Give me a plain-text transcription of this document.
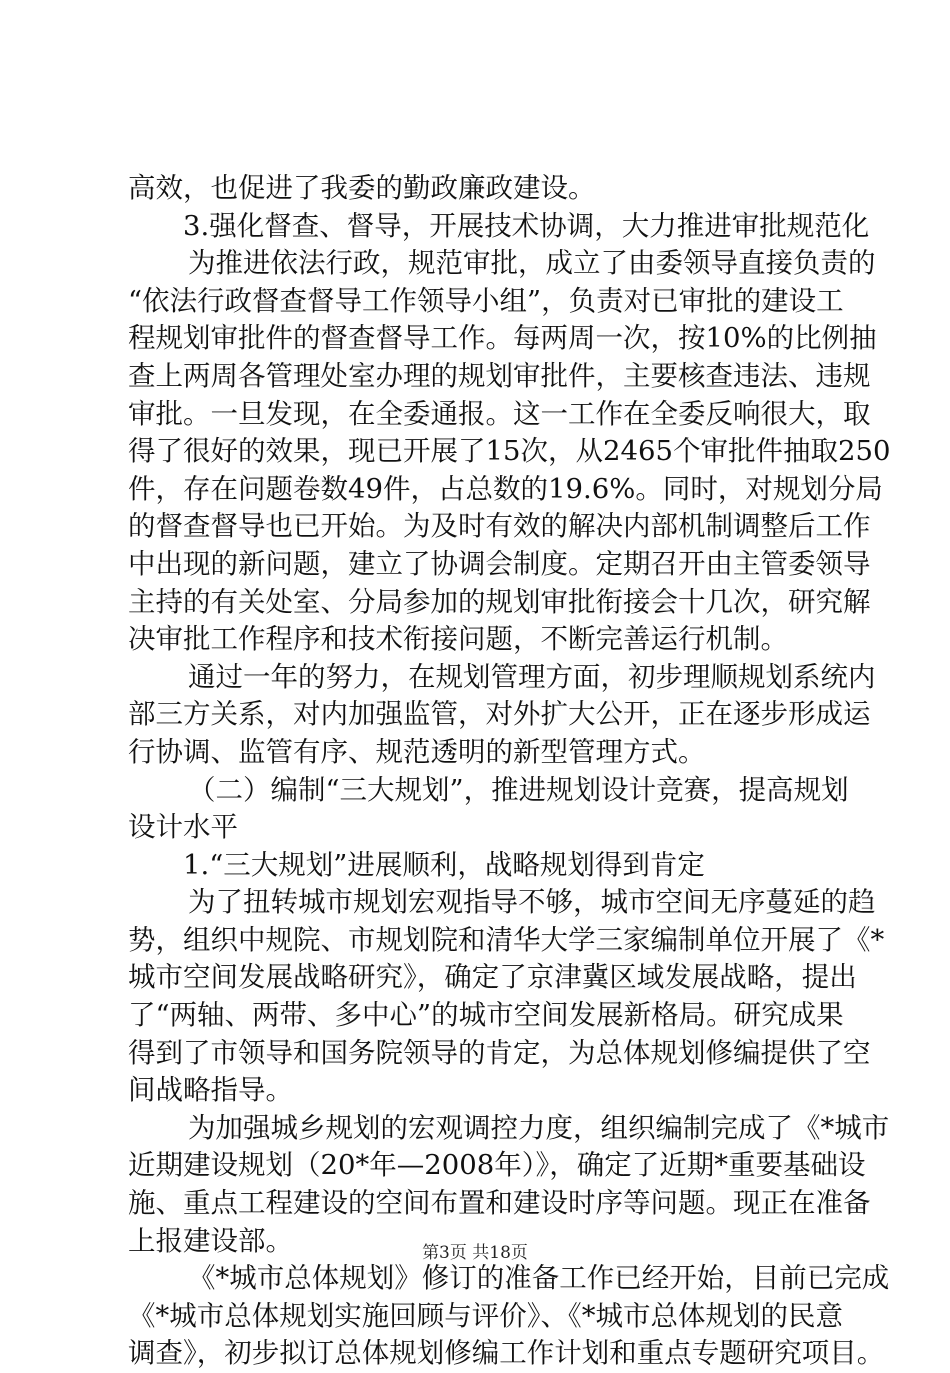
高效，也促进了我委的勤政廉政建设。
3.强化督查、督导，开展技术协调，大力推进审批规范化
为推进依法行政，规范审批，成立了由委领导直接负责的
“依法行政督查督导工作领导小组”，负责对已审批的建设工
程规划审批件的督查督导工作。每两周一次，按10%的比例抽
查上两周各管理处室办理的规划审批件，主要核查违法、违规
审批。一旦发现，在全委通报。这一工作在全委反响很大，取
得了很好的效果，现已开展了15次，从2465个审批件抽取250
件，存在问题卷数49件，占总数的19.6%。同时，对规划分局
的督查督导也已开始。为及时有效的解决内部机制调整后工作
中出现的新问题，建立了协调会制度。定期召开由主管委领导
主持的有关处室、分局参加的规划审批衔接会十几次，研究解
决审批工作程序和技术衔接问题，不断完善运行机制。
通过一年的努力，在规划管理方面，初步理顺规划系统内
部三方关系，对内加强监管，对外扩大公开，正在逐步形成运
行协调、监管有序、规范透明的新型管理方式。
（二）编制“三大规划”，推进规划设计竞赛，提高规划
设计水平
1.“三大规划”进展顺利，战略规划得到肯定
为了扭转城市规划宏观指导不够，城市空间无序蔓延的趋
势，组织中规院、市规划院和清华大学三家编制单位开展了《*
城市空间发展战略研究》，确定了京津冀区域发展战略，提出
了“两轴、两带、多中心”的城市空间发展新格局。研究成果
得到了市领导和国务院领导的肯定，为总体规划修编提供了空
间战略指导。
为加强城乡规划的宏观调控力度，组织编制完成了《*城市
近期建设规划（20*年—2008年）》，确定了近期*重要基础设
施、重点工程建设的空间布置和建设时序等问题。现正在准备
上报建设部。
《*城市总体规划》修订的准备工作已经开始，目前已完成
《*城市总体规划实施回顾与评价》、《*城市总体规划的民意
调查》，初步拟订总体规划修编工作计划和重点专题研究项目。
第3页 共18页
